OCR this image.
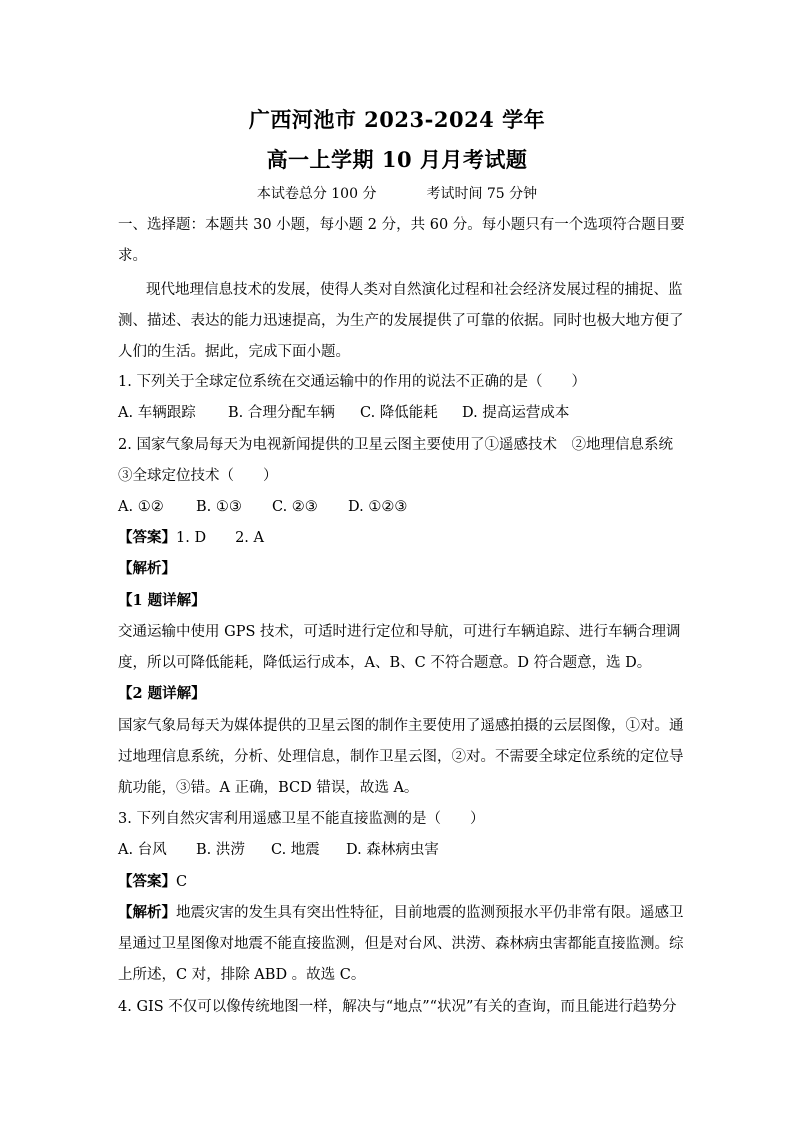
广西河池市 2023-2024 学年
高一上学期 10 月月考试题
本试卷总分 100 分	考试时间 75 分钟
一、选择题：本题共 30 小题，每小题 2 分，共 60 分。每小题只有一个选项符合题目要
求。
现代地理信息技术的发展，使得人类对自然演化过程和社会经济发展过程的捕捉、监
测、描述、表达的能力迅速提高，为生产的发展提供了可靠的依据。同时也极大地方便了
人们的生活。据此，完成下面小题。
1. 下列关于全球定位系统在交通运输中的作用的说法不正确的是（　　）
A. 车辆跟踪 B. 合理分配车辆 C. 降低能耗 D. 提高运营成本
2. 国家气象局每天为电视新闻提供的卫星云图主要使用了①遥感技术　②地理信息系统
③全球定位技术（　　）
A. ①② B. ①③ C. ②③ D. ①②③
【答案】1. D　　2. A
【解析】
【1 题详解】
交通运输中使用 GPS 技术，可适时进行定位和导航，可进行车辆追踪、进行车辆合理调
度，所以可降低能耗，降低运行成本，A、B、C 不符合题意。D 符合题意，选 D。
【2 题详解】
国家气象局每天为媒体提供的卫星云图的制作主要使用了遥感拍摄的云层图像，①对。通
过地理信息系统，分析、处理信息，制作卫星云图，②对。不需要全球定位系统的定位导
航功能，③错。A 正确，BCD 错误，故选 A。
3. 下列自然灾害利用遥感卫星不能直接监测的是（　　）
A. 台风 B. 洪涝 C. 地震 D. 森林病虫害
【答案】C
【解析】地震灾害的发生具有突出性特征，目前地震的监测预报水平仍非常有限。遥感卫
星通过卫星图像对地震不能直接监测，但是对台风、洪涝、森林病虫害都能直接监测。综
上所述，C 对，排除 ABD 。故选 C。
4. GIS 不仅可以像传统地图一样，解决与“地点”“状况”有关的查询，而且能进行趋势分
